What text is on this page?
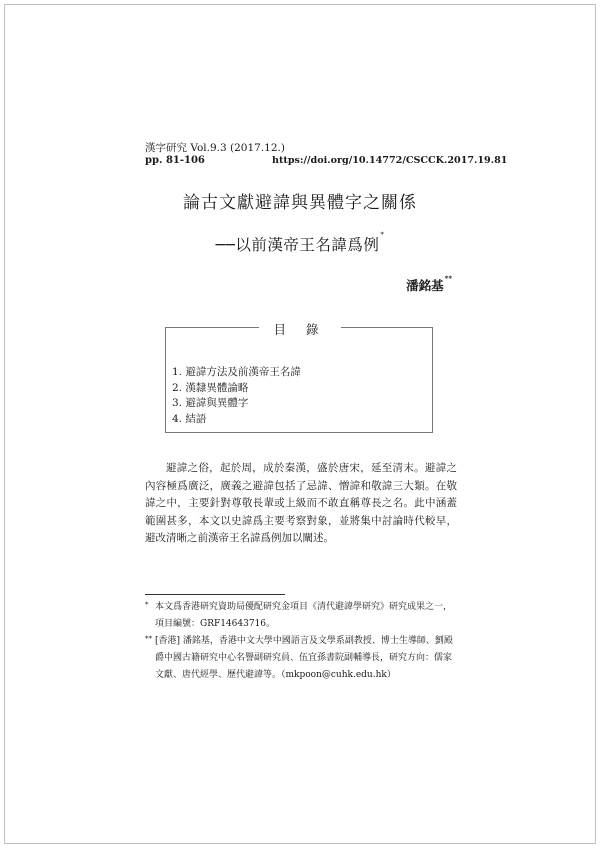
漢字研究 Vol.9.3 (2017.12.)
pp. 81-106	https://doi.org/10.14772/CSCCK.2017.19.81
論古文獻避諱與異體字之關係
──以前漢帝王名諱爲例*
潘銘基**
目 錄
1. 避諱方法及前漢帝王名諱
2. 漢隸異體論略
3. 避諱與異體字
4. 結語

避諱之俗，起於周，成於秦漢，盛於唐宋，延至清末。避諱之內容極爲廣泛，廣義之避諱包括了忌諱、憎諱和敬諱三大類。在敬諱之中，主要針對尊敬長輩或上級而不敢直稱尊長之名。此中涵蓋範圍甚多，本文以史諱爲主要考察對象，並將集中討論時代較早，避改清晰之前漢帝王名諱爲例加以闡述。

* 本文爲香港研究資助局優配研究金項目《清代避諱學研究》研究成果之一，項目編號：GRF14643716。
** [香港] 潘銘基，香港中文大學中國語言及文學系副教授、博士生導師、劉殿爵中國古籍研究中心名譽副研究員、伍宜孫書院副輔導長，研究方向：儒家文獻、唐代經學、歷代避諱等。（mkpoon@cuhk.edu.hk）
